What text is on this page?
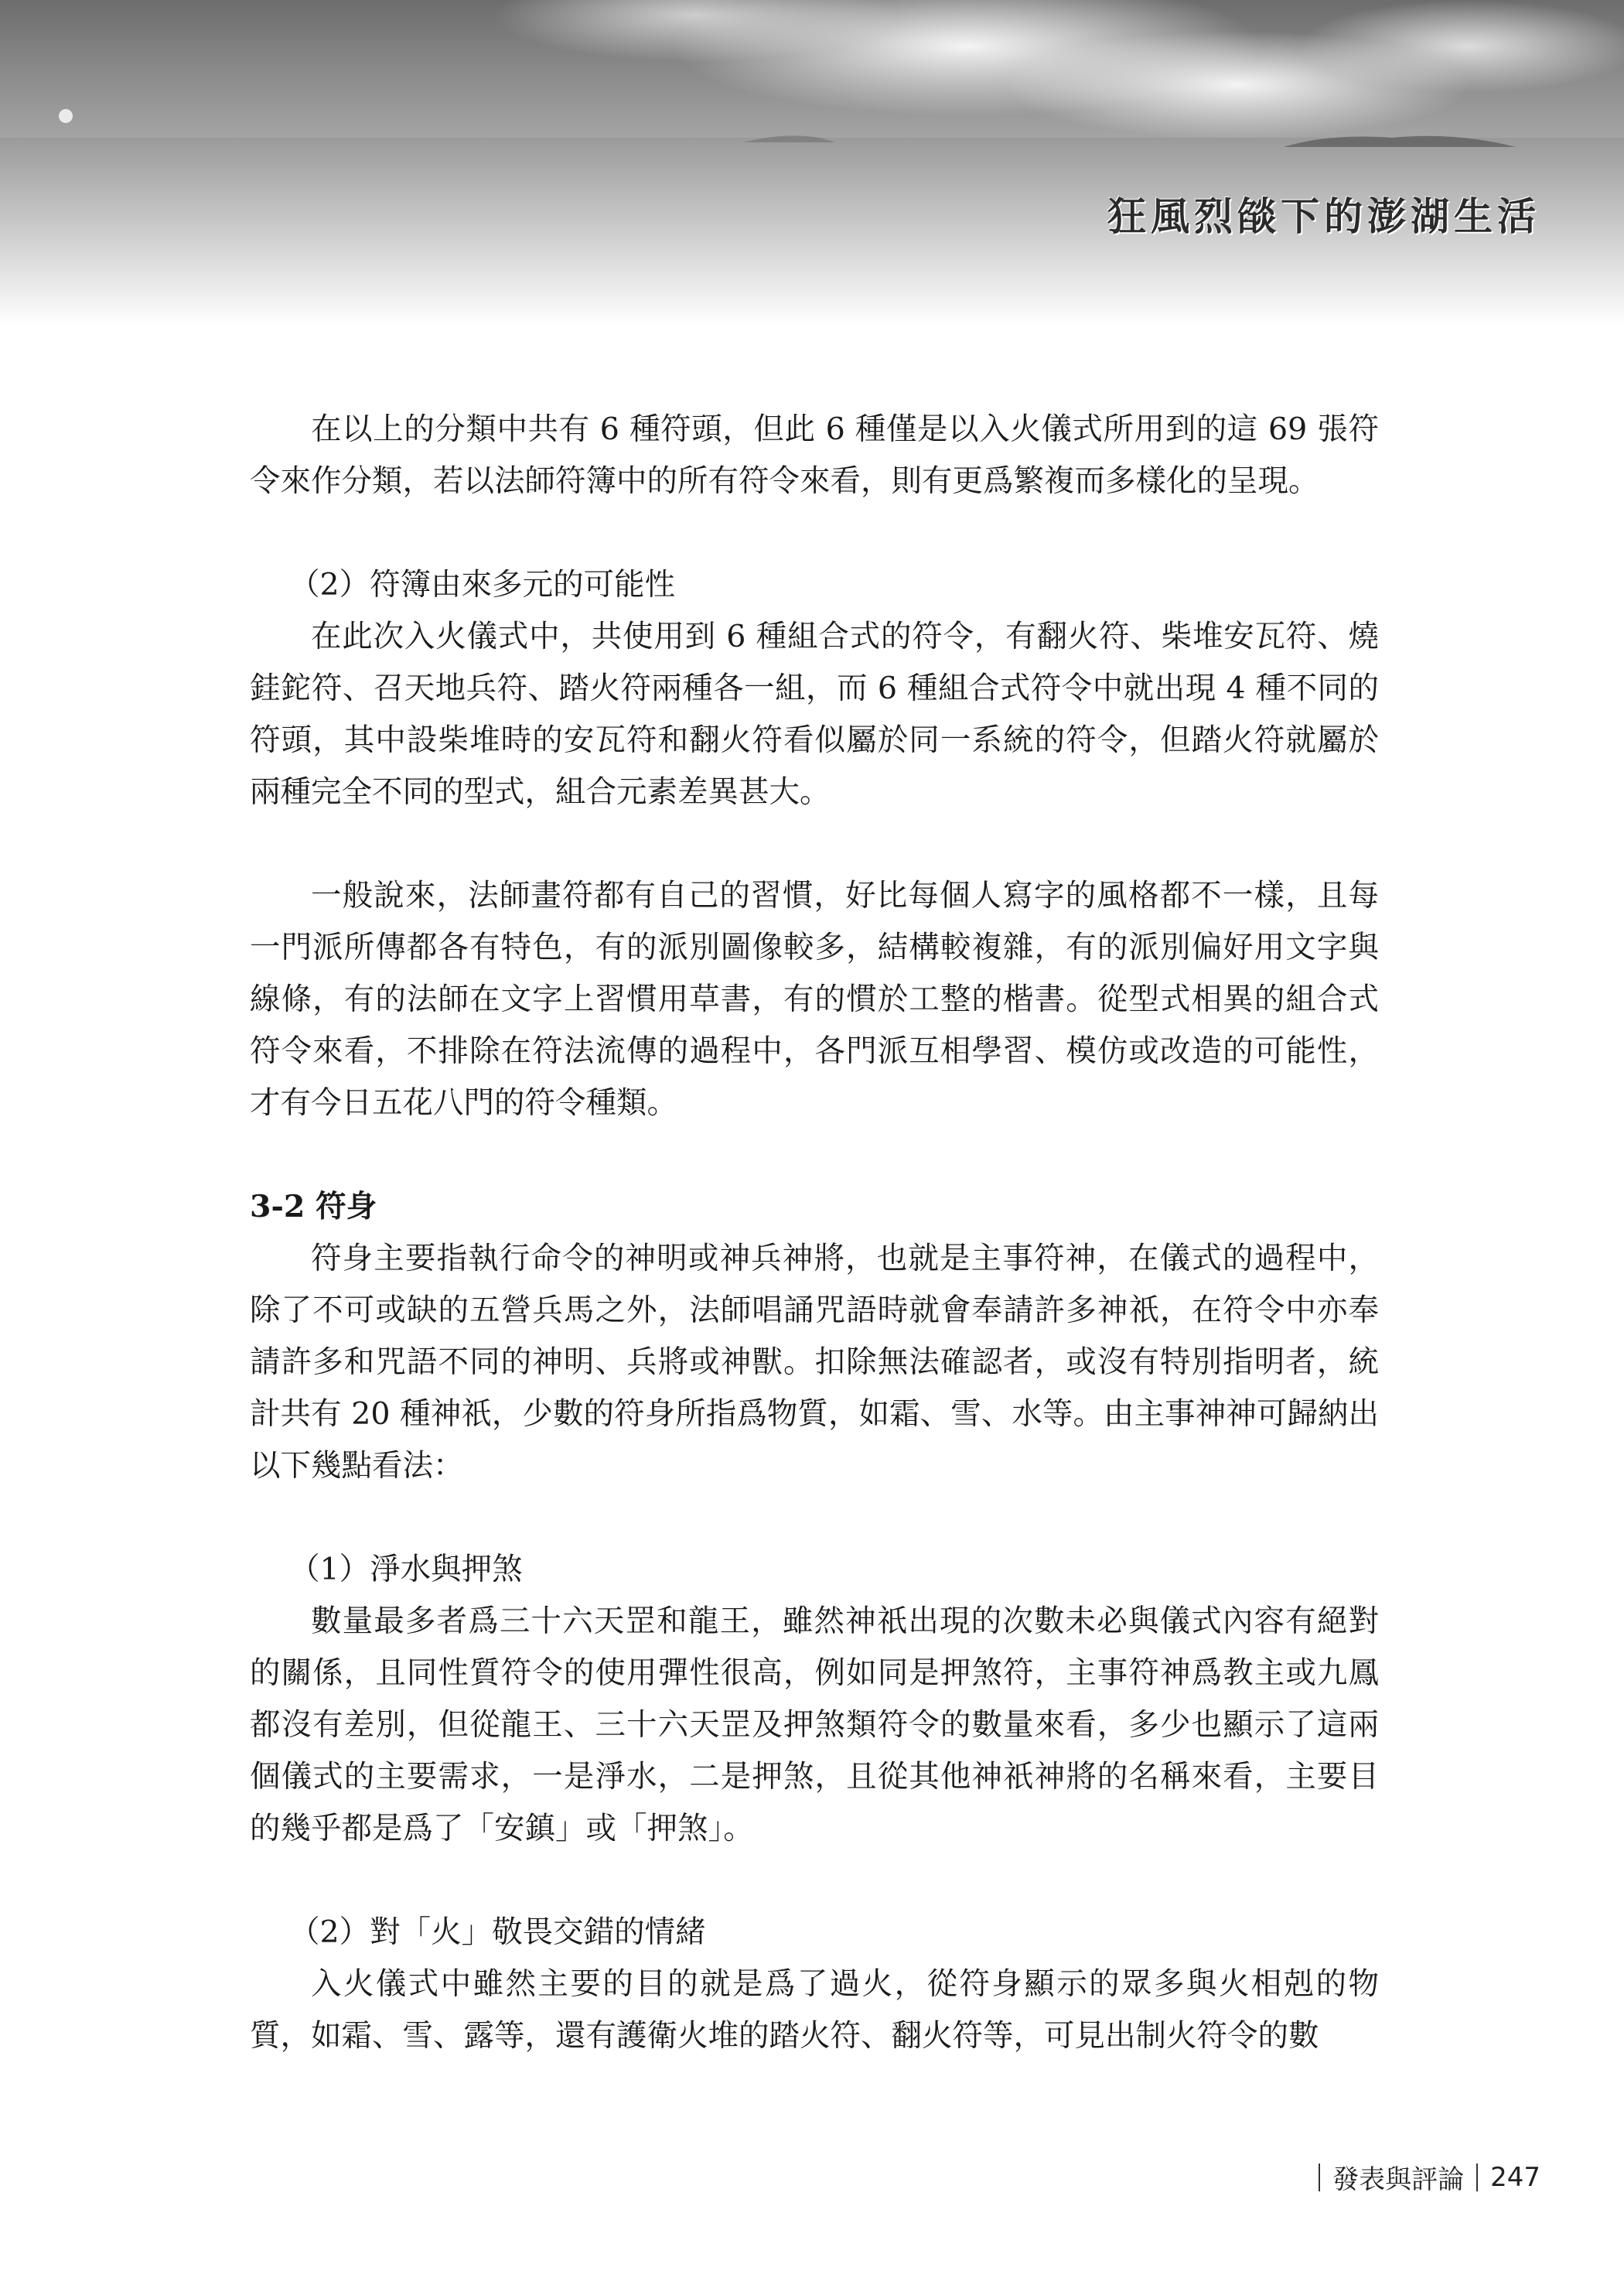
狂風烈燄下的澎湖生活

在以上的分類中共有 6 種符頭，但此 6 種僅是以入火儀式所用到的這 69 張符令來作分類，若以法師符簿中的所有符令來看，則有更爲繁複而多樣化的呈現。

（2）符簿由來多元的可能性

在此次入火儀式中，共使用到 6 種組合式的符令，有翻火符、柴堆安瓦符、燒銈鉈符、召天地兵符、踏火符兩種各一組，而 6 種組合式符令中就出現 4 種不同的符頭，其中設柴堆時的安瓦符和翻火符看似屬於同一系統的符令，但踏火符就屬於兩種完全不同的型式，組合元素差異甚大。

一般說來，法師畫符都有自己的習慣，好比每個人寫字的風格都不一樣，且每一門派所傳都各有特色，有的派別圖像較多，結構較複雜，有的派別偏好用文字與線條，有的法師在文字上習慣用草書，有的慣於工整的楷書。從型式相異的組合式符令來看，不排除在符法流傳的過程中，各門派互相學習、模仿或改造的可能性，才有今日五花八門的符令種類。

3-2 符身

符身主要指執行命令的神明或神兵神將，也就是主事符神，在儀式的過程中，除了不可或缺的五營兵馬之外，法師唱誦咒語時就會奉請許多神祇，在符令中亦奉請許多和咒語不同的神明、兵將或神獸。扣除無法確認者，或沒有特別指明者，統計共有 20 種神祇，少數的符身所指爲物質，如霜、雪、水等。由主事神神可歸納出以下幾點看法：

（1）淨水與押煞

數量最多者爲三十六天罡和龍王，雖然神祇出現的次數未必與儀式內容有絕對的關係，且同性質符令的使用彈性很高，例如同是押煞符，主事符神爲教主或九鳳都沒有差別，但從龍王、三十六天罡及押煞類符令的數量來看，多少也顯示了這兩個儀式的主要需求，一是淨水，二是押煞，且從其他神祇神將的名稱來看，主要目的幾乎都是爲了「安鎮」或「押煞」。

（2）對「火」敬畏交錯的情緒

入火儀式中雖然主要的目的就是爲了過火，從符身顯示的眾多與火相剋的物質，如霜、雪、露等，還有護衛火堆的踏火符、翻火符等，可見出制火符令的數

發表與評論 247
